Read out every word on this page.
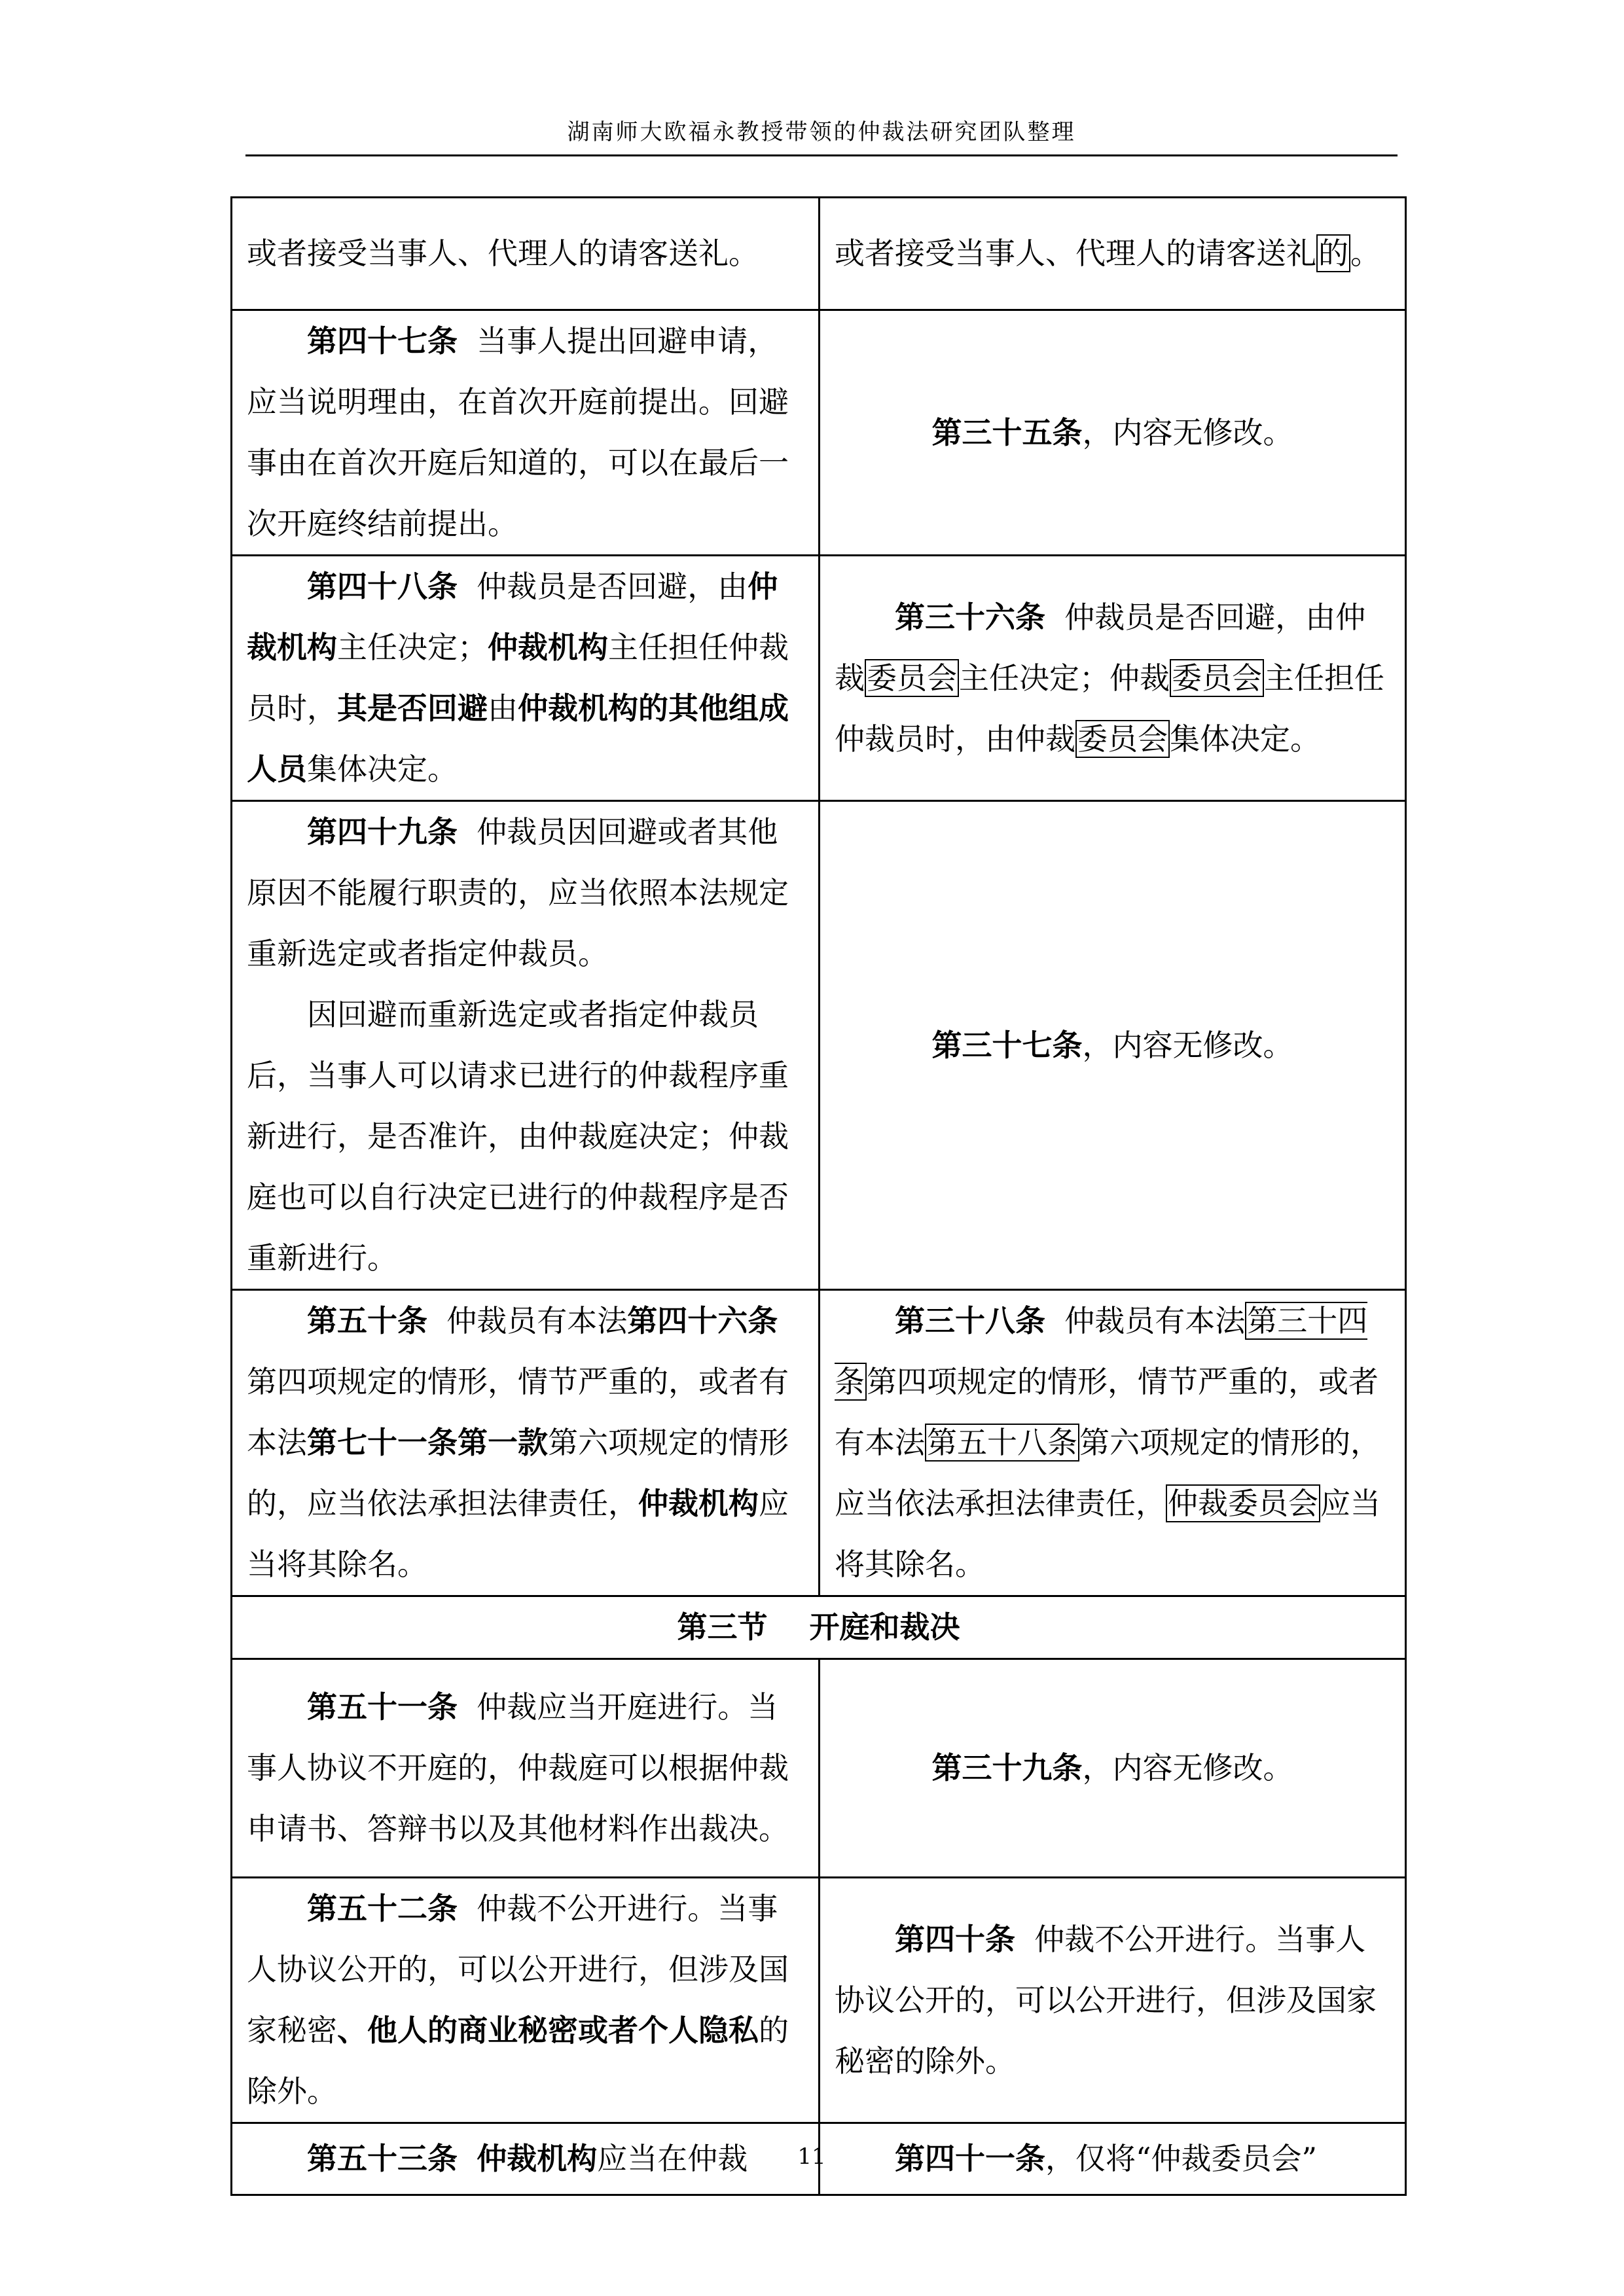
湖南师大欧福永教授带领的仲裁法研究团队整理
或者接受当事人、代理人的请客送礼。	或者接受当事人、代理人的请客送礼的。

第四十七条  当事人提出回避申请，应当说明理由，在首次开庭前提出。回避事由在首次开庭后知道的，可以在最后一次开庭终结前提出。	第三十五条，内容无修改。

第四十八条  仲裁员是否回避，由仲裁机构主任决定；仲裁机构主任担任仲裁员时，其是否回避由仲裁机构的其他组成人员集体决定。	第三十六条  仲裁员是否回避，由仲裁委员会主任决定；仲裁委员会主任担任仲裁员时，由仲裁委员会集体决定。

第四十九条  仲裁员因回避或者其他原因不能履行职责的，应当依照本法规定重新选定或者指定仲裁员。
因回避而重新选定或者指定仲裁员后，当事人可以请求已进行的仲裁程序重新进行，是否准许，由仲裁庭决定；仲裁庭也可以自行决定已进行的仲裁程序是否重新进行。	第三十七条，内容无修改。

第五十条  仲裁员有本法第四十六条第四项规定的情形，情节严重的，或者有本法第七十一条第一款第六项规定的情形的，应当依法承担法律责任，仲裁机构应当将其除名。	第三十八条  仲裁员有本法第三十四条第四项规定的情形，情节严重的，或者有本法第五十八条第六项规定的情形的，应当依法承担法律责任，仲裁委员会应当将其除名。

第三节    开庭和裁决	

第五十一条  仲裁应当开庭进行。当事人协议不开庭的，仲裁庭可以根据仲裁申请书、答辩书以及其他材料作出裁决。	第三十九条，内容无修改。

第五十二条  仲裁不公开进行。当事人协议公开的，可以公开进行，但涉及国家秘密、他人的商业秘密或者个人隐私的除外。	第四十条  仲裁不公开进行。当事人协议公开的，可以公开进行，但涉及国家秘密的除外。

第五十三条 仲裁机构应当在仲裁	第四十一条，仅将“仲裁委员会”
11
